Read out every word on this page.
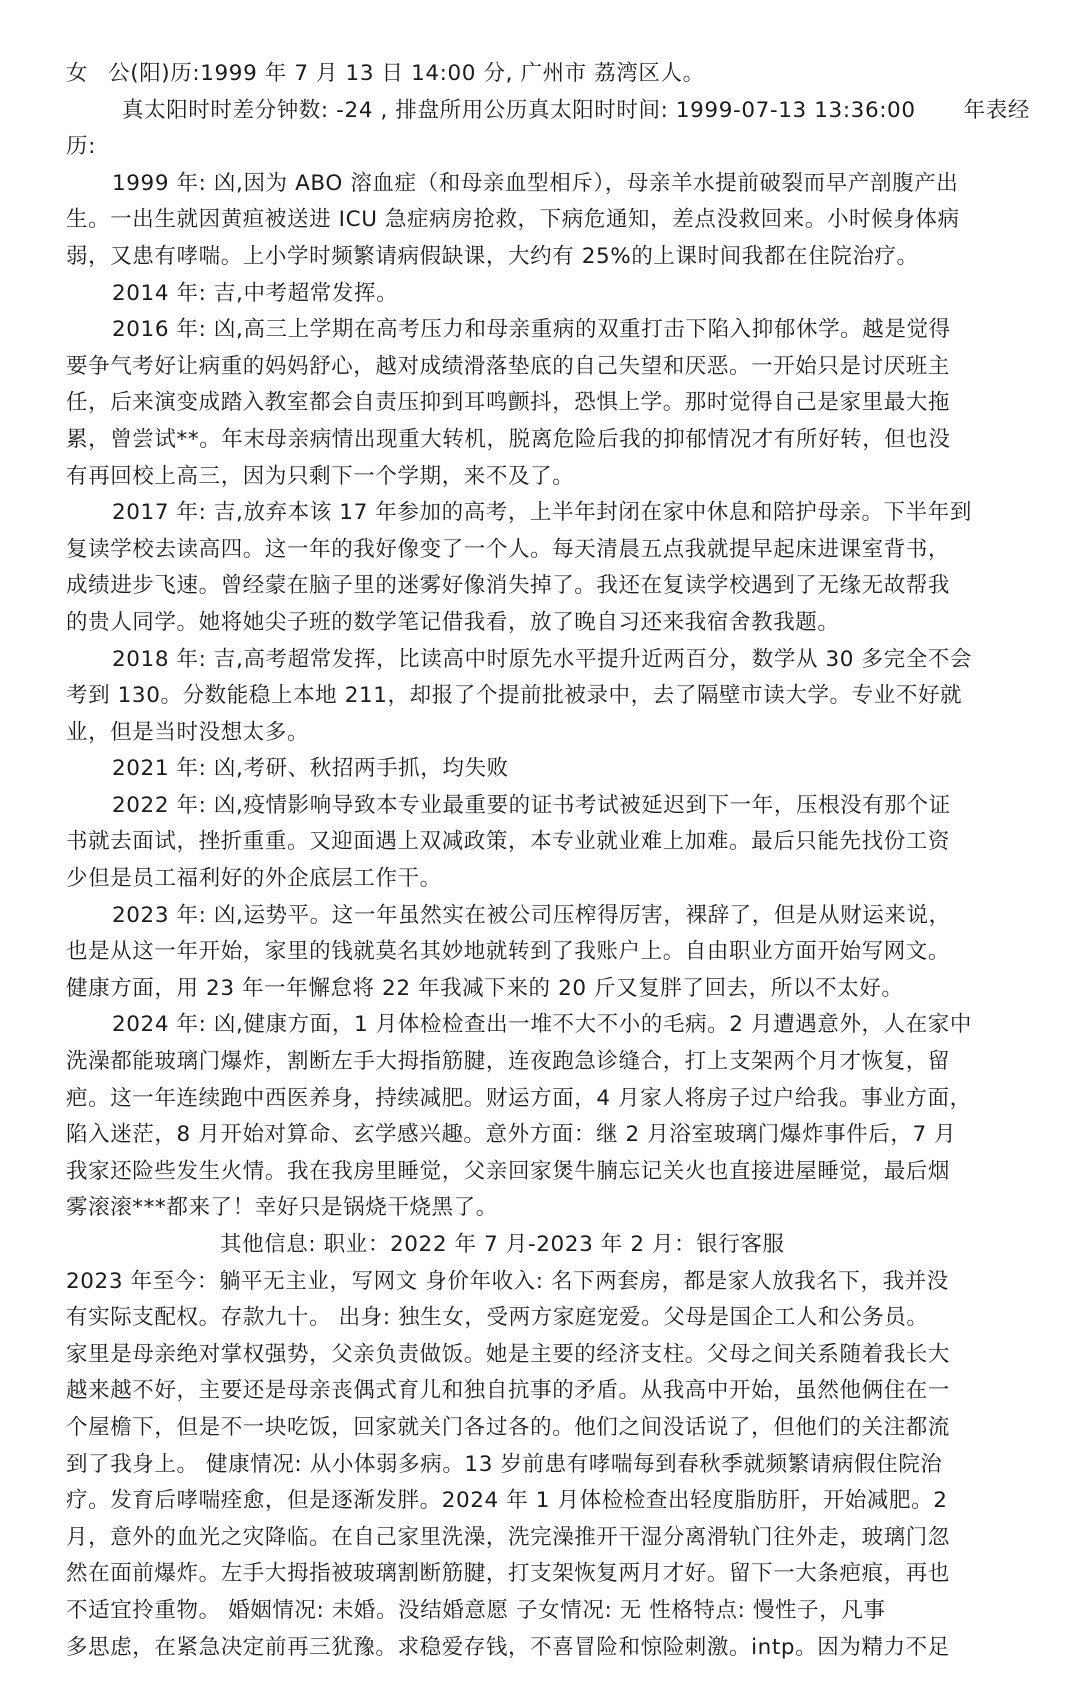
女 公(阳)历:1999 年 7 月 13 日 14:00 分, 广州市 荔湾区人。
真太阳时时差分钟数: -24 , 排盘所用公历真太阳时时间: 1999-07-13 13:36:00 年表经
历:
1999 年: 凶,因为 ABO 溶血症（和母亲血型相斥），母亲羊水提前破裂而早产剖腹产出
生。一出生就因黄疸被送进 ICU 急症病房抢救，下病危通知，差点没救回来。小时候身体病
弱，又患有哮喘。上小学时频繁请病假缺课，大约有 25%的上课时间我都在住院治疗。
2014 年: 吉,中考超常发挥。
2016 年: 凶,高三上学期在高考压力和母亲重病的双重打击下陷入抑郁休学。越是觉得
要争气考好让病重的妈妈舒心，越对成绩滑落垫底的自己失望和厌恶。一开始只是讨厌班主
任，后来演变成踏入教室都会自责压抑到耳鸣颤抖，恐惧上学。那时觉得自己是家里最大拖
累，曾尝试**。年末母亲病情出现重大转机，脱离危险后我的抑郁情况才有所好转，但也没
有再回校上高三，因为只剩下一个学期，来不及了。
2017 年: 吉,放弃本该 17 年参加的高考，上半年封闭在家中休息和陪护母亲。下半年到
复读学校去读高四。这一年的我好像变了一个人。每天清晨五点我就提早起床进课室背书，
成绩进步飞速。曾经蒙在脑子里的迷雾好像消失掉了。我还在复读学校遇到了无缘无故帮我
的贵人同学。她将她尖子班的数学笔记借我看，放了晚自习还来我宿舍教我题。
2018 年: 吉,高考超常发挥，比读高中时原先水平提升近两百分，数学从 30 多完全不会
考到 130。分数能稳上本地 211，却报了个提前批被录中，去了隔壁市读大学。专业不好就
业，但是当时没想太多。
2021 年: 凶,考研、秋招两手抓，均失败
2022 年: 凶,疫情影响导致本专业最重要的证书考试被延迟到下一年，压根没有那个证
书就去面试，挫折重重。又迎面遇上双减政策，本专业就业难上加难。最后只能先找份工资
少但是员工福利好的外企底层工作干。
2023 年: 凶,运势平。这一年虽然实在被公司压榨得厉害，裸辞了，但是从财运来说，
也是从这一年开始，家里的钱就莫名其妙地就转到了我账户上。自由职业方面开始写网文。
健康方面，用 23 年一年懈怠将 22 年我减下来的 20 斤又复胖了回去，所以不太好。
2024 年: 凶,健康方面，1 月体检检查出一堆不大不小的毛病。2 月遭遇意外，人在家中
洗澡都能玻璃门爆炸，割断左手大拇指筋腱，连夜跑急诊缝合，打上支架两个月才恢复，留
疤。这一年连续跑中西医养身，持续减肥。财运方面，4 月家人将房子过户给我。事业方面，
陷入迷茫，8 月开始对算命、玄学感兴趣。意外方面：继 2 月浴室玻璃门爆炸事件后，7 月
我家还险些发生火情。我在我房里睡觉，父亲回家煲牛腩忘记关火也直接进屋睡觉，最后烟
雾滚滚***都来了！幸好只是锅烧干烧黑了。
其他信息: 职业：2022 年 7 月-2023 年 2 月：银行客服
2023 年至今：躺平无主业，写网文 身价年收入: 名下两套房，都是家人放我名下，我并没
有实际支配权。存款九十。 出身: 独生女，受两方家庭宠爱。父母是国企工人和公务员。
家里是母亲绝对掌权强势，父亲负责做饭。她是主要的经济支柱。父母之间关系随着我长大
越来越不好，主要还是母亲丧偶式育儿和独自抗事的矛盾。从我高中开始，虽然他俩住在一
个屋檐下，但是不一块吃饭，回家就关门各过各的。他们之间没话说了，但他们的关注都流
到了我身上。 健康情况: 从小体弱多病。13 岁前患有哮喘每到春秋季就频繁请病假住院治
疗。发育后哮喘痊愈，但是逐渐发胖。2024 年 1 月体检检查出轻度脂肪肝，开始减肥。2
月，意外的血光之灾降临。在自己家里洗澡，洗完澡推开干湿分离滑轨门往外走，玻璃门忽
然在面前爆炸。左手大拇指被玻璃割断筋腱，打支架恢复两月才好。留下一大条疤痕，再也
不适宜拎重物。 婚姻情况: 未婚。没结婚意愿 子女情况: 无 性格特点: 慢性子，凡事
多思虑，在紧急决定前再三犹豫。求稳爱存钱，不喜冒险和惊险刺激。intp。因为精力不足
